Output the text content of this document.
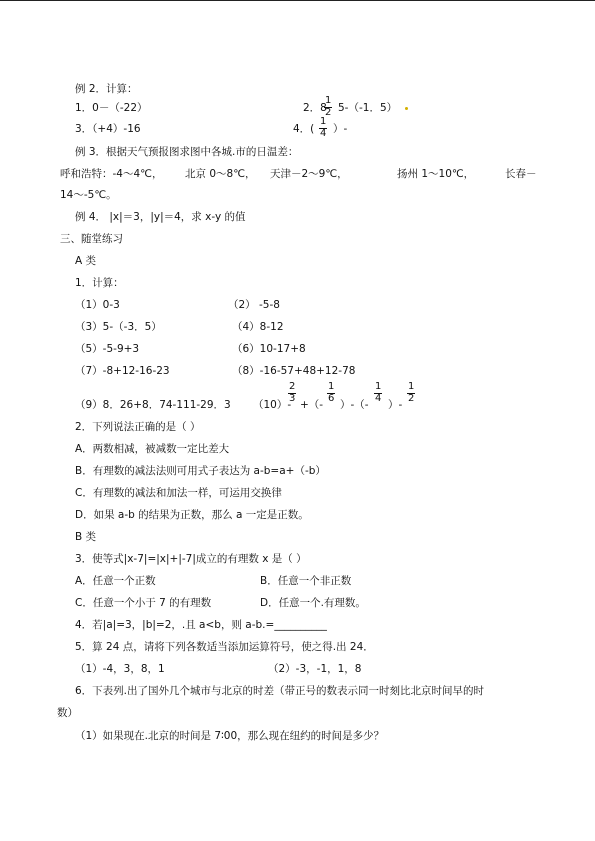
例 2．计算：
1．0－（-22）	2．8
$\frac{1}{2} 5-(-1$．5）
3．（+4）-16	4．( $\frac{1}{4}$ ）-
例 3．根据天气预报图求图中各城.市的日温差：
呼和浩特：-4～4℃， 北京 0～8℃， 天津－2～9℃，	扬州 1～10℃，	长春－
14～-5℃。
例 4． |x|＝3，|y|＝4，求 x-y 的值
三、随堂练习
A 类
1．计算：
（1）0-3	（2） -5-8
（3）5-（-3．5）	（4）8-12
（5）-5-9+3	（6）10-17+8
（7）-8+12-16-23	（8）-16-57+48+12-78
（9）8．26+8．74-111-29．3 （10）-
$\frac{2}{3}$
+（-
$\frac{1}{6}$
）-（-
$\frac{1}{4}$
）-
$\frac{1}{2}$
2．下列说法正确的是（ ）
A．两数相减，被减数一定比差大
B．有理数的减法法则可用式子表达为 a-b=a+（-b）
C．有理数的减法和加法一样，可运用交换律
D．如果 a-b 的结果为正数，那么 a 一定是正数。
B 类
3．使等式|x-7|=|x|+|-7|成立的有理数 x 是（ ）
A．任意一个正数	B．任意一个非正数
C．任意一个小于 7 的有理数	D．任意一个.有理数。
4．若|a|=3，|b|=2，.且 a<b，则 a-b.=__________
5．算 24 点，请将下列各数适当添加运算符号，使之得.出 24．
（1）-4，3，8，1	（2）-3，-1，1，8
6．下表列.出了国外几个城市与北京的时差（带正号的数表示同一时刻比北京时间早的时
数）
（1）如果现在.北京的时间是 7∶00，那么现在纽约的时间是多少？
